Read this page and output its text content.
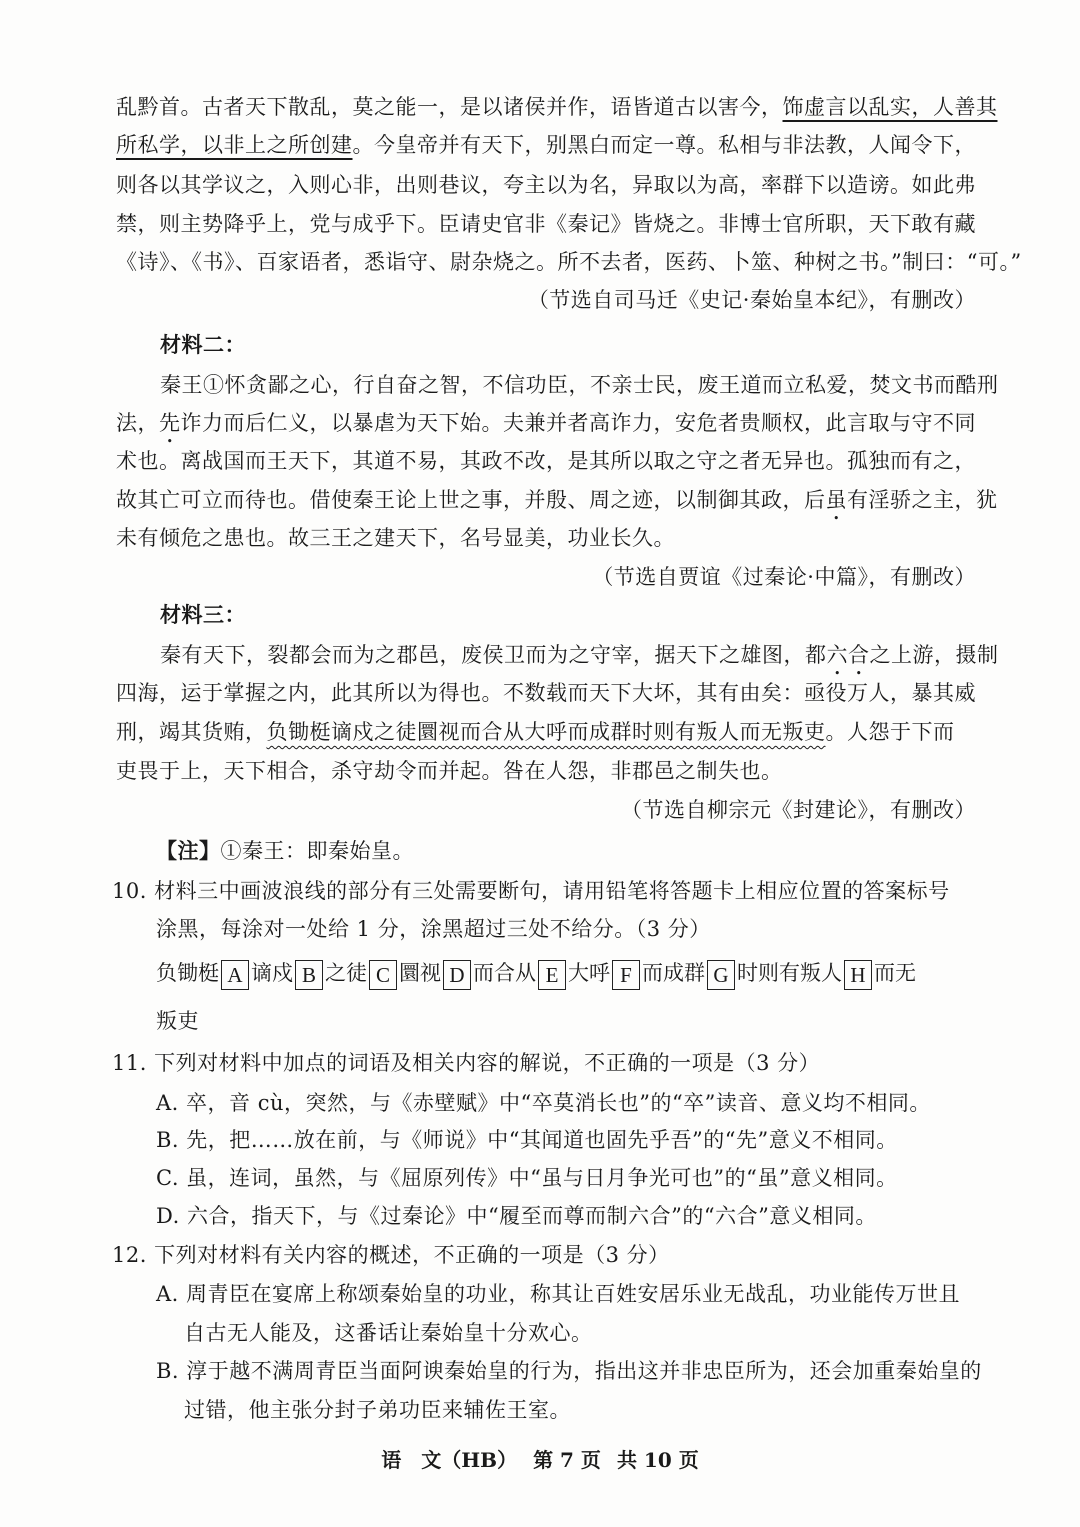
乱黔首。古者天下散乱，莫之能一，是以诸侯并作，语皆道古以害今，饰虚言以乱实，人善其
所私学，以非上之所创建。今皇帝并有天下，别黑白而定一尊。私相与非法教，人闻令下，
则各以其学议之，入则心非，出则巷议，夸主以为名，异取以为高，率群下以造谤。如此弗
禁，则主势降乎上，党与成乎下。臣请史官非《秦记》皆烧之。非博士官所职，天下敢有藏
《诗》、《书》、百家语者，悉诣守、尉杂烧之。所不去者，医药、卜筮、种树之书。”制曰：“可。”
（节选自司马迁《史记·秦始皇本纪》，有删改）
材料二：
秦王①怀贪鄙之心，行自奋之智，不信功臣，不亲士民，废王道而立私爱，焚文书而酷刑
法，先诈力而后仁义，以暴虐为天下始。夫兼并者高诈力，安危者贵顺权，此言取与守不同
术也。离战国而王天下，其道不易，其政不改，是其所以取之守之者无异也。孤独而有之，
故其亡可立而待也。借使秦王论上世之事，并殷、周之迹，以制御其政，后虽有淫骄之主，犹
未有倾危之患也。故三王之建天下，名号显美，功业长久。
（节选自贾谊《过秦论·中篇》，有删改）
材料三：
秦有天下，裂都会而为之郡邑，废侯卫而为之守宰，据天下之雄图，都六合之上游，摄制
四海，运于掌握之内，此其所以为得也。不数载而天下大坏，其有由矣：亟役万人，暴其威
刑，竭其货贿，负锄梃谪戍之徒圜视而合从大呼而成群时则有叛人而无叛吏。人怨于下而
吏畏于上，天下相合，杀守劫令而并起。咎在人怨，非郡邑之制失也。
（节选自柳宗元《封建论》，有删改）
【注】①秦王：即秦始皇。
10. 材料三中画波浪线的部分有三处需要断句，请用铅笔将答题卡上相应位置的答案标号
涂黑，每涂对一处给 1 分，涂黑超过三处不给分。（3 分）
负锄梃 A 谪戍 B 之徒 C 圜视 D 而合从 E 大呼 F 而成群 G 时则有叛人 H 而无
叛吏
11. 下列对材料中加点的词语及相关内容的解说，不正确的一项是（3 分）
A. 卒，音 cù，突然，与《赤壁赋》中“卒莫消长也”的“卒”读音、意义均不相同。
B. 先，把……放在前，与《师说》中“其闻道也固先乎吾”的“先”意义不相同。
C. 虽，连词，虽然，与《屈原列传》中“虽与日月争光可也”的“虽”意义相同。
D. 六合，指天下，与《过秦论》中“履至而尊而制六合”的“六合”意义相同。
12. 下列对材料有关内容的概述，不正确的一项是（3 分）
A. 周青臣在宴席上称颂秦始皇的功业，称其让百姓安居乐业无战乱，功业能传万世且
自古无人能及，这番话让秦始皇十分欢心。
B. 淳于越不满周青臣当面阿谀秦始皇的行为，指出这并非忠臣所为，还会加重秦始皇的
过错，他主张分封子弟功臣来辅佐王室。
语　文（HB） 第 7 页 共 10 页
